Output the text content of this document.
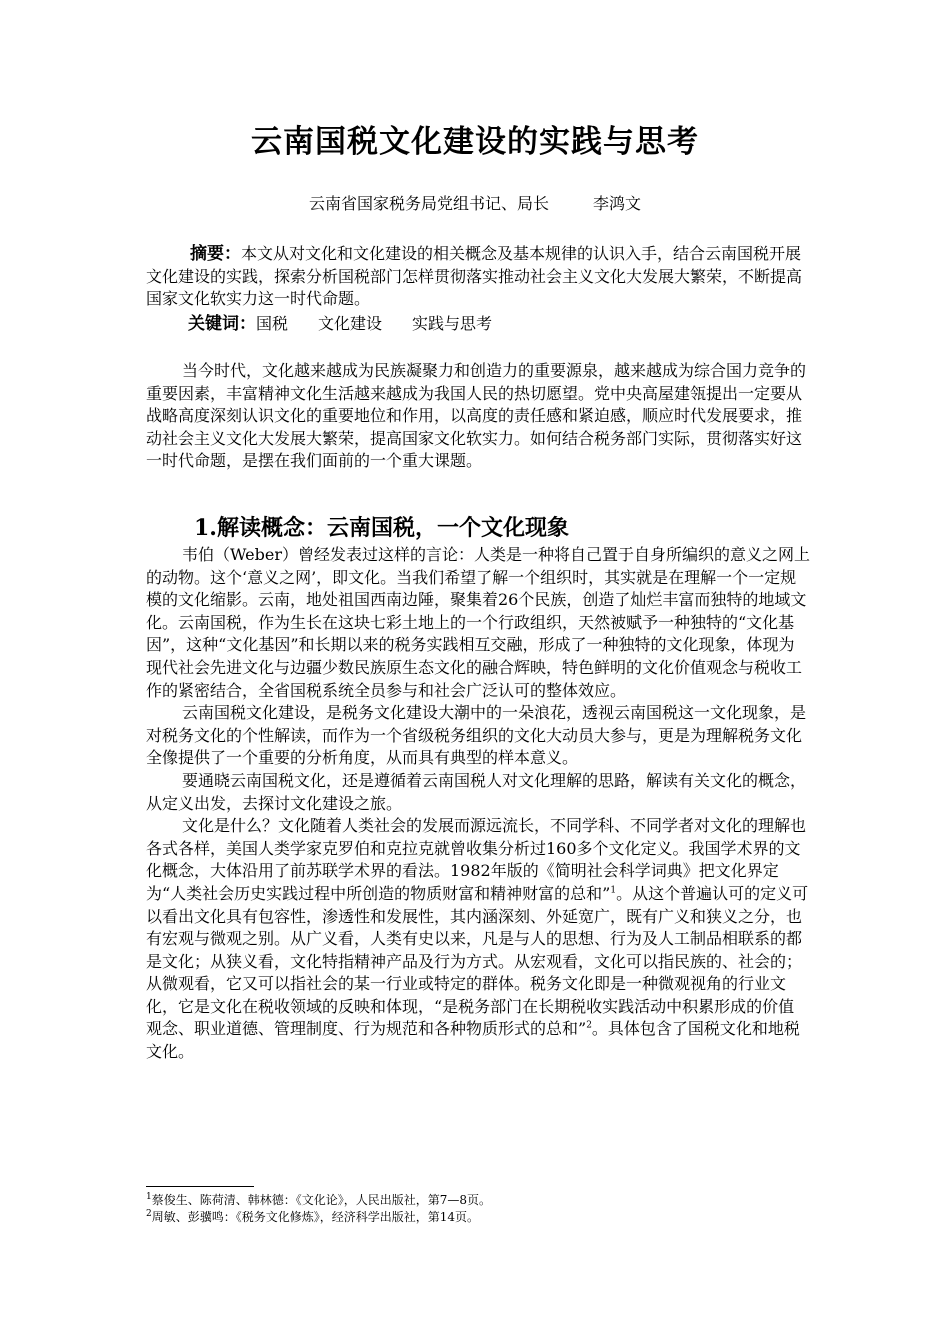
云南国税文化建设的实践与思考
云南省国家税务局党组书记、局长	李鸿文
摘要：本文从对文化和文化建设的相关概念及基本规律的认识入手，结合云南国税开展文化建设的实践，探索分析国税部门怎样贯彻落实推动社会主义文化大发展大繁荣，不断提高国家文化软实力这一时代命题。
关键词：国税 文化建设 实践与思考

当今时代，文化越来越成为民族凝聚力和创造力的重要源泉，越来越成为综合国力竞争的重要因素，丰富精神文化生活越来越成为我国人民的热切愿望。党中央高屋建瓴提出一定要从战略高度深刻认识文化的重要地位和作用，以高度的责任感和紧迫感，顺应时代发展要求，推动社会主义文化大发展大繁荣，提高国家文化软实力。如何结合税务部门实际，贯彻落实好这一时代命题，是摆在我们面前的一个重大课题。

1.解读概念：云南国税，一个文化现象

韦伯（Weber）曾经发表过这样的言论：人类是一种将自己置于自身所编织的意义之网上的动物。这个‘意义之网’，即文化。当我们希望了解一个组织时，其实就是在理解一个一定规模的文化缩影。云南，地处祖国西南边陲，聚集着26个民族，创造了灿烂丰富而独特的地域文化。云南国税，作为生长在这块七彩土地上的一个行政组织，天然被赋予一种独特的“文化基因”，这种“文化基因”和长期以来的税务实践相互交融，形成了一种独特的文化现象，体现为现代社会先进文化与边疆少数民族原生态文化的融合辉映，特色鲜明的文化价值观念与税收工作的紧密结合，全省国税系统全员参与和社会广泛认可的整体效应。

云南国税文化建设，是税务文化建设大潮中的一朵浪花，透视云南国税这一文化现象，是对税务文化的个性解读，而作为一个省级税务组织的文化大动员大参与，更是为理解税务文化全像提供了一个重要的分析角度，从而具有典型的样本意义。

要通晓云南国税文化，还是遵循着云南国税人对文化理解的思路，解读有关文化的概念，从定义出发，去探讨文化建设之旅。

文化是什么？文化随着人类社会的发展而源远流长，不同学科、不同学者对文化的理解也各式各样，美国人类学家克罗伯和克拉克就曾收集分析过160多个文化定义。我国学术界的文化概念，大体沿用了前苏联学术界的看法。1982年版的《简明社会科学词典》把文化界定为“人类社会历史实践过程中所创造的物质财富和精神财富的总和”$^1$。从这个普遍认可的定义可以看出文化具有包容性，渗透性和发展性，其内涵深刻、外延宽广，既有广义和狭义之分，也有宏观与微观之别。从广义看，人类有史以来，凡是与人的思想、行为及人工制品相联系的都是文化；从狭义看，文化特指精神产品及行为方式。从宏观看，文化可以指民族的、社会的；从微观看，它又可以指社会的某一行业或特定的群体。税务文化即是一种微观视角的行业文化，它是文化在税收领域的反映和体现，“是税务部门在长期税收实践活动中积累形成的价值观念、职业道德、管理制度、行为规范和各种物质形式的总和”$^2$。具体包含了国税文化和地税文化。

$^1$蔡俊生、陈荷清、韩林德：《文化论》，人民出版社，第7—8页。
$^2$周敏、彭骥鸣：《税务文化修炼》，经济科学出版社，第14页。
